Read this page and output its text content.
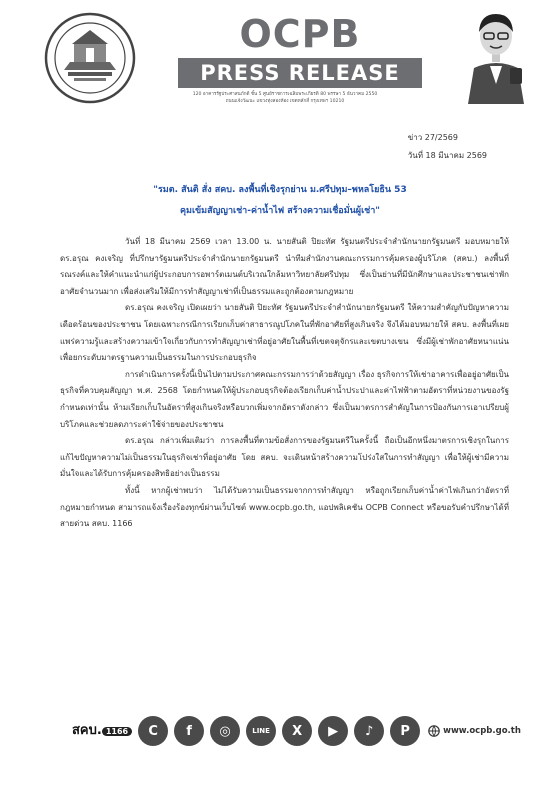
OCPB
PRESS RELEASE
120 อาคารรัฐประศาสนภักดี ชั้น 5 ศูนย์ราชการเฉลิมพระเกียรติ 80 พรรษา 5 ธันวาคม 2550
ถนนแจ้งวัฒนะ แขวงทุ่งสองห้อง เขตหลักสี่ กรุงเทพฯ 10210
ข่าว 27/2569
วันที่ 18 มีนาคม 2569
"รมต. สันติ สั่ง สคบ. ลงพื้นที่เชิงรุกย่าน ม.ศรีปทุม–พหลโยธิน 53
คุมเข้มสัญญาเช่า-ค่าน้ำไฟ สร้างความเชื่อมั่นผู้เช่า"

วันที่ 18 มีนาคม 2569 เวลา 13.00 น. นายสันติ ปิยะทัศ รัฐมนตรีประจำสำนักนายกรัฐมนตรี มอบหมายให้ ดร.อรุณ คงเจริญ ที่ปรึกษารัฐมนตรีประจำสำนักนายกรัฐมนตรี นำทีมสำนักงานคณะกรรมการคุ้มครองผู้บริโภค (สคบ.) ลงพื้นที่รณรงค์และให้คำแนะนำแก่ผู้ประกอบการอพาร์ตเมนต์บริเวณใกล้มหาวิทยาลัยศรีปทุม ซึ่งเป็นย่านที่มีนักศึกษาและประชาชนเช่าพักอาศัยจำนวนมาก เพื่อส่งเสริมให้มีการทำสัญญาเช่าที่เป็นธรรมและถูกต้องตามกฎหมาย

ดร.อรุณ คงเจริญ เปิดเผยว่า นายสันติ ปิยะทัศ รัฐมนตรีประจำสำนักนายกรัฐมนตรี ให้ความสำคัญกับปัญหาความเดือดร้อนของประชาชน โดยเฉพาะกรณีการเรียกเก็บค่าสาธารณูปโภคในที่พักอาศัยที่สูงเกินจริง จึงได้มอบหมายให้ สคบ. ลงพื้นที่เผยแพร่ความรู้และสร้างความเข้าใจเกี่ยวกับการทำสัญญาเช่าที่อยู่อาศัยในพื้นที่เขตจตุจักรและเขตบางเขน ซึ่งมีผู้เช่าพักอาศัยหนาแน่น เพื่อยกระดับมาตรฐานความเป็นธรรมในการประกอบธุรกิจ

การดำเนินการครั้งนี้เป็นไปตามประกาศคณะกรรมการว่าด้วยสัญญา เรื่อง ธุรกิจการให้เช่าอาคารเพื่ออยู่อาศัยเป็นธุรกิจที่ควบคุมสัญญา พ.ศ. 2568 โดยกำหนดให้ผู้ประกอบธุรกิจต้องเรียกเก็บค่าน้ำประปาและค่าไฟฟ้าตามอัตราที่หน่วยงานของรัฐกำหนดเท่านั้น ห้ามเรียกเก็บในอัตราที่สูงเกินจริงหรือบวกเพิ่มจากอัตราดังกล่าว ซึ่งเป็นมาตรการสำคัญในการป้องกันการเอาเปรียบผู้บริโภคและช่วยลดภาระค่าใช้จ่ายของประชาชน

ดร.อรุณ กล่าวเพิ่มเติมว่า การลงพื้นที่ตามข้อสั่งการของรัฐมนตรีในครั้งนี้ ถือเป็นอีกหนึ่งมาตรการเชิงรุกในการแก้ไขปัญหาความไม่เป็นธรรมในธุรกิจเช่าที่อยู่อาศัย โดย สคบ. จะเดินหน้าสร้างความโปร่งใสในการทำสัญญา เพื่อให้ผู้เช่ามีความมั่นใจและได้รับการคุ้มครองสิทธิอย่างเป็นธรรม

ทั้งนี้ หากผู้เช่าพบว่า ไม่ได้รับความเป็นธรรมจากการทำสัญญา หรือถูกเรียกเก็บค่าน้ำค่าไฟเกินกว่าอัตราที่กฎหมายกำหนด สามารถแจ้งเรื่องร้องทุกข์ผ่านเว็บไซต์ www.ocpb.go.th, แอปพลิเคชัน OCPB Connect หรือขอรับคำปรึกษาได้ที่ สายด่วน สคบ. 1166

สคบ. 1166	C	f	◎	LINE	X	▶	♪	P	www.ocpb.go.th
